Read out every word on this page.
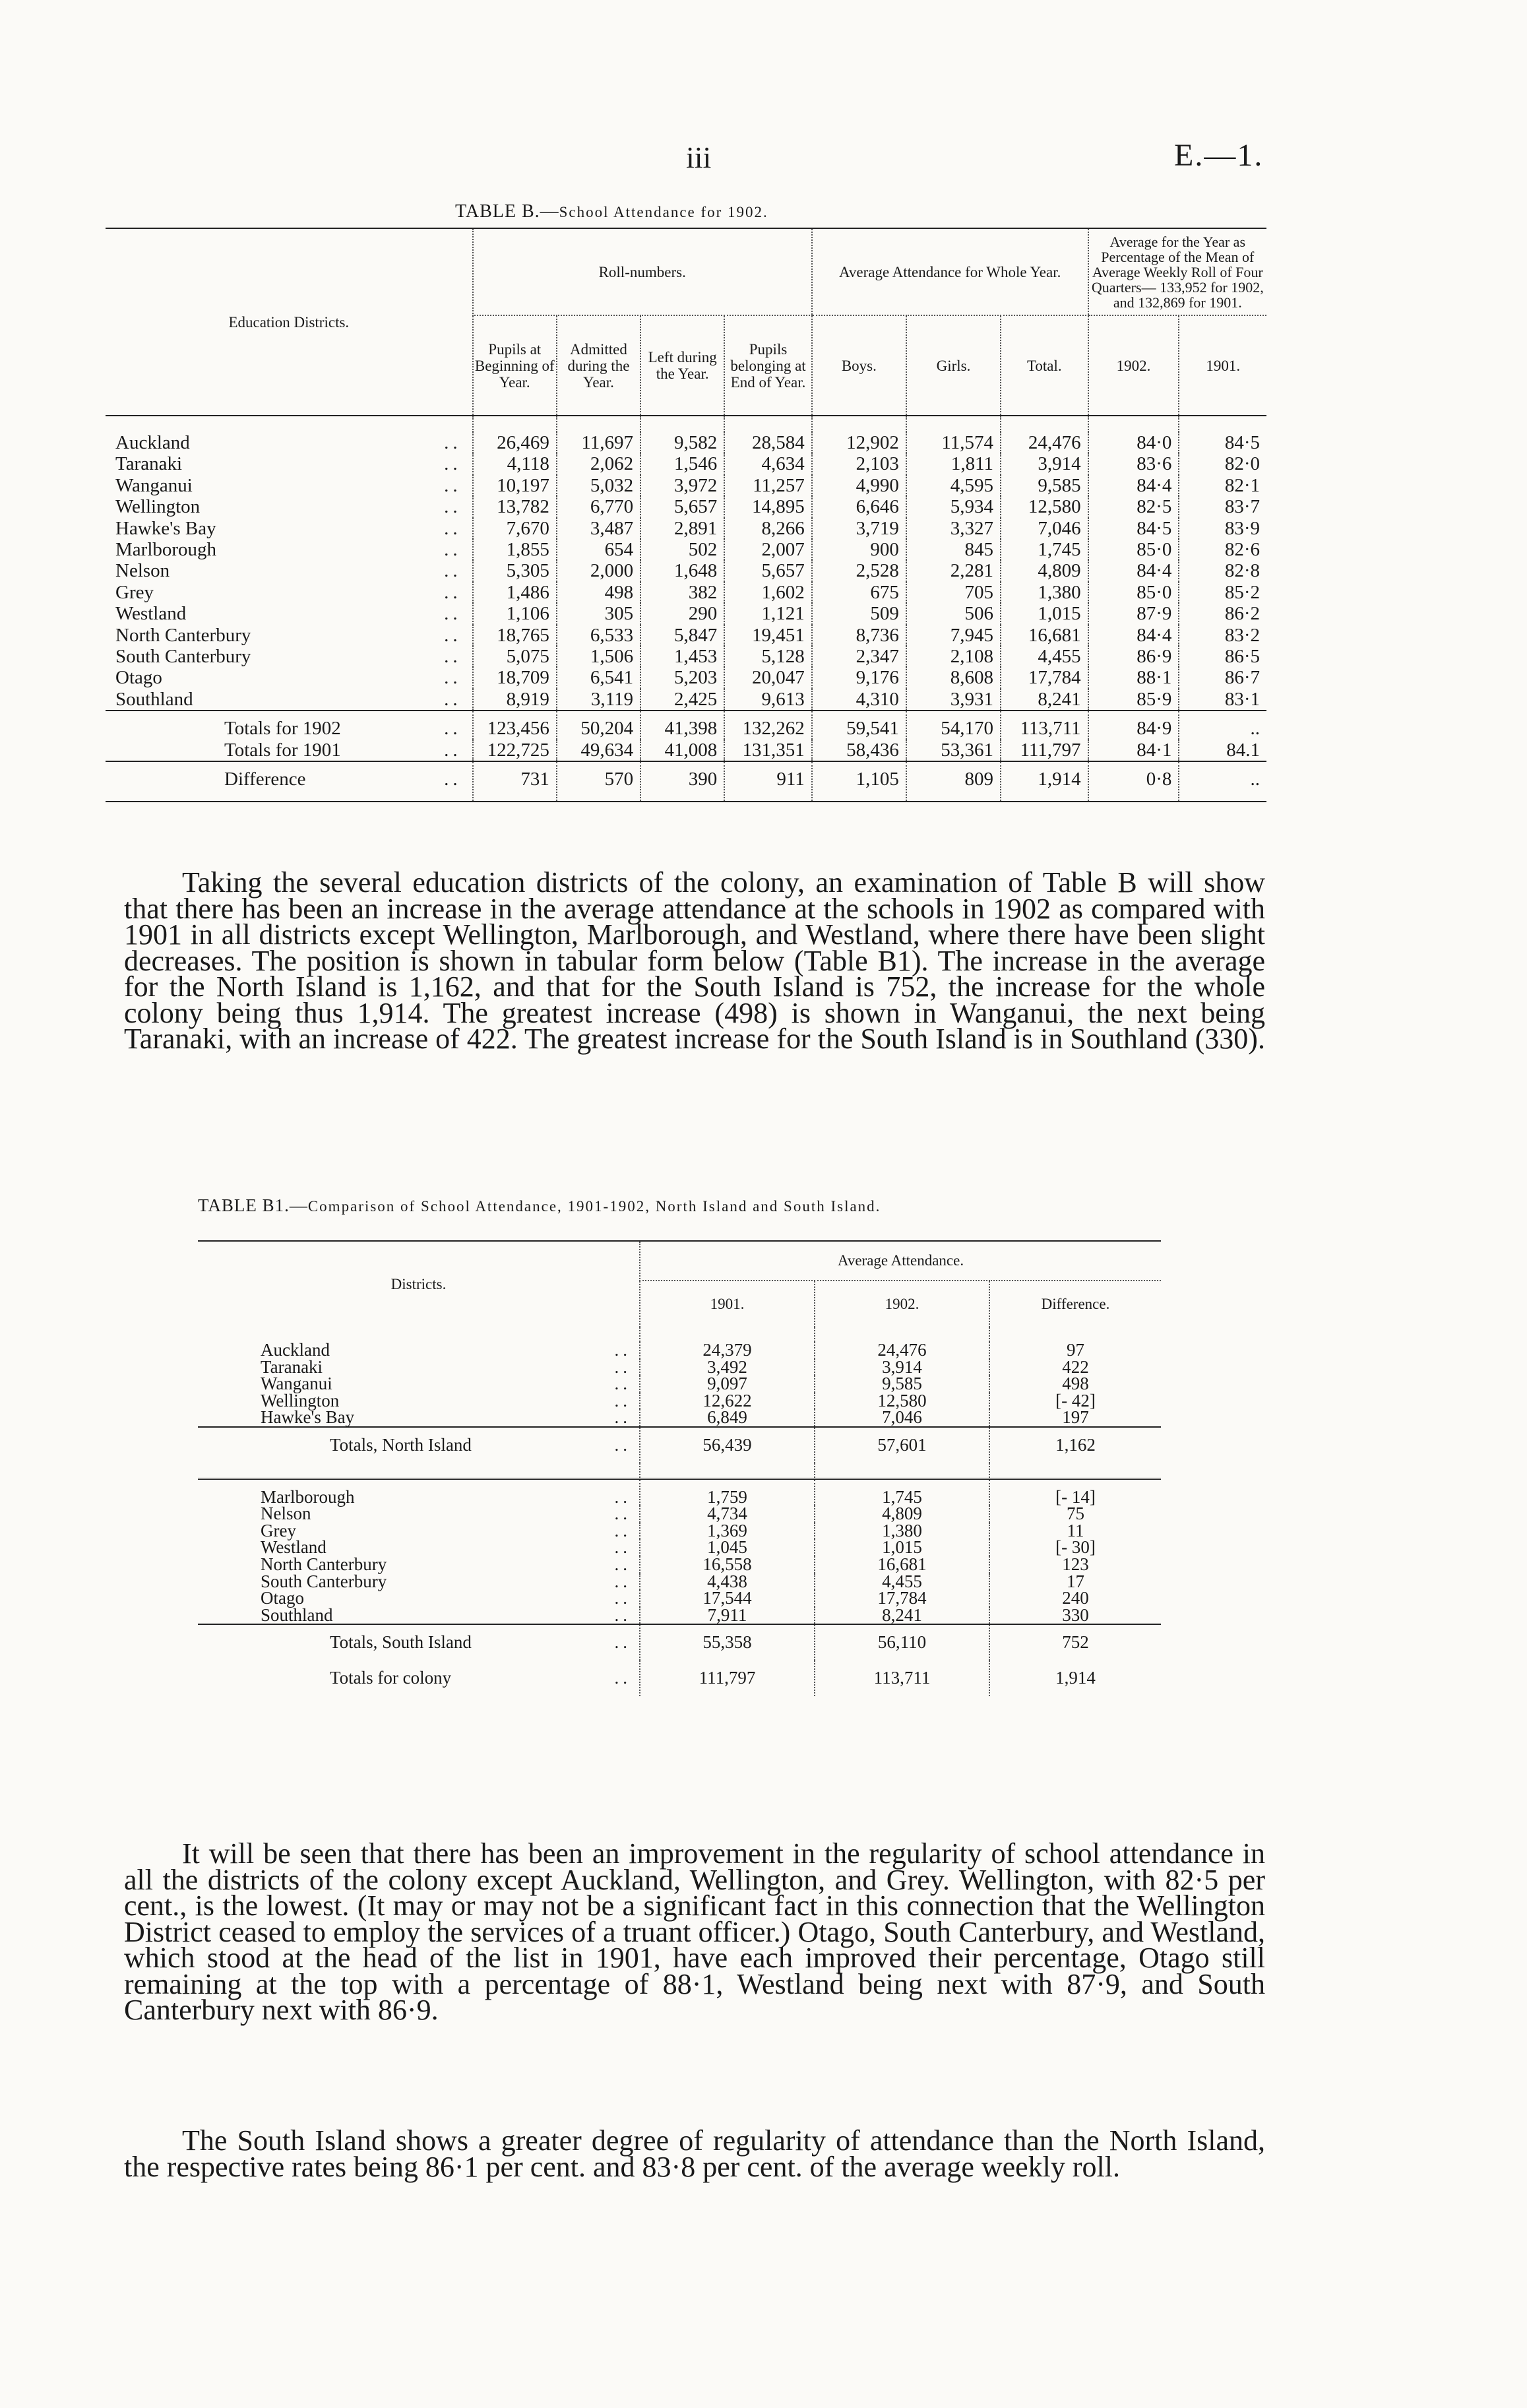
iii	E.—1.
TABLE B.—School Attendance for 1902.
Education Districts.	Roll-numbers.				Average Attendance for Whole Year.			Average for the Year as Percentage of the Mean of Average Weekly Roll of Four Quarters— 133,952 for 1902, and 132,869 for 1901.	
	Pupils at Beginning of Year.	Admitted during the Year.	Left during the Year.	Pupils belonging at End of Year.	Boys.	Girls.	Total.	1902.	1901.

Auckland ..	26,469	11,697	9,582	28,584	12,902	11,574	24,476	84·0	84·5
Taranaki ..	4,118	2,062	1,546	4,634	2,103	1,811	3,914	83·6	82·0
Wanganui ..	10,197	5,032	3,972	11,257	4,990	4,595	9,585	84·4	82·1
Wellington ..	13,782	6,770	5,657	14,895	6,646	5,934	12,580	82·5	83·7
Hawke's Bay ..	7,670	3,487	2,891	8,266	3,719	3,327	7,046	84·5	83·9
Marlborough ..	1,855	654	502	2,007	900	845	1,745	85·0	82·6
Nelson ..	5,305	2,000	1,648	5,657	2,528	2,281	4,809	84·4	82·8
Grey ..	1,486	498	382	1,602	675	705	1,380	85·0	85·2
Westland ..	1,106	305	290	1,121	509	506	1,015	87·9	86·2
North Canterbury ..	18,765	6,533	5,847	19,451	8,736	7,945	16,681	84·4	83·2
South Canterbury ..	5,075	1,506	1,453	5,128	2,347	2,108	4,455	86·9	86·5
Otago ..	18,709	6,541	5,203	20,047	9,176	8,608	17,784	88·1	86·7
Southland ..	8,919	3,119	2,425	9,613	4,310	3,931	8,241	85·9	83·1
Totals for 1902 ..	123,456	50,204	41,398	132,262	59,541	54,170	113,711	84·9	..
Totals for 1901 ..	122,725	49,634	41,008	131,351	58,436	53,361	111,797	84·1	84.1
Difference ..	731	570	390	911	1,105	809	1,914	0·8	..
TABLE B1.—Comparison of School Attendance, 1901-1902, North Island and South Island.

Taking the several education districts of the colony, an examination of Table B will show that there has been an increase in the average attendance at the schools in 1902 as compared with 1901 in all districts except Wellington, Marlborough, and Westland, where there have been slight decreases. The position is shown in tabular form below (Table B1). The increase in the average for the North Island is 1,162, and that for the South Island is 752, the increase for the whole colony being thus 1,914. The greatest increase (498) is shown in Wanganui, the next being Taranaki, with an increase of 422. The greatest increase for the South Island is in Southland (330).

Districts.	Average Attendance.		
	1901.	1902.	Difference.

Auckland ..	24,379	24,476	97
Taranaki ..	3,492	3,914	422
Wanganui ..	9,097	9,585	498
Wellington ..	12,622	12,580	[- 42]
Hawke's Bay ..	6,849	7,046	197
Totals, North Island ..	56,439	57,601	1,162

Marlborough ..	1,759	1,745	[- 14]
Nelson ..	4,734	4,809	75
Grey ..	1,369	1,380	11
Westland ..	1,045	1,015	[- 30]
North Canterbury ..	16,558	16,681	123
South Canterbury ..	4,438	4,455	17
Otago ..	17,544	17,784	240
Southland ..	7,911	8,241	330
Totals, South Island ..	55,358	56,110	752
Totals for colony ..	111,797	113,711	1,914

It will be seen that there has been an improvement in the regularity of school attendance in all the districts of the colony except Auckland, Wellington, and Grey. Wellington, with 82·5 per cent., is the lowest. (It may or may not be a significant fact in this connection that the Wellington District ceased to employ the services of a truant officer.) Otago, South Canterbury, and Westland, which stood at the head of the list in 1901, have each improved their percentage, Otago still remaining at the top with a percentage of 88·1, Westland being next with 87·9, and South Canterbury next with 86·9.

The South Island shows a greater degree of regularity of attendance than the North Island, the respective rates being 86·1 per cent. and 83·8 per cent. of the average weekly roll.
